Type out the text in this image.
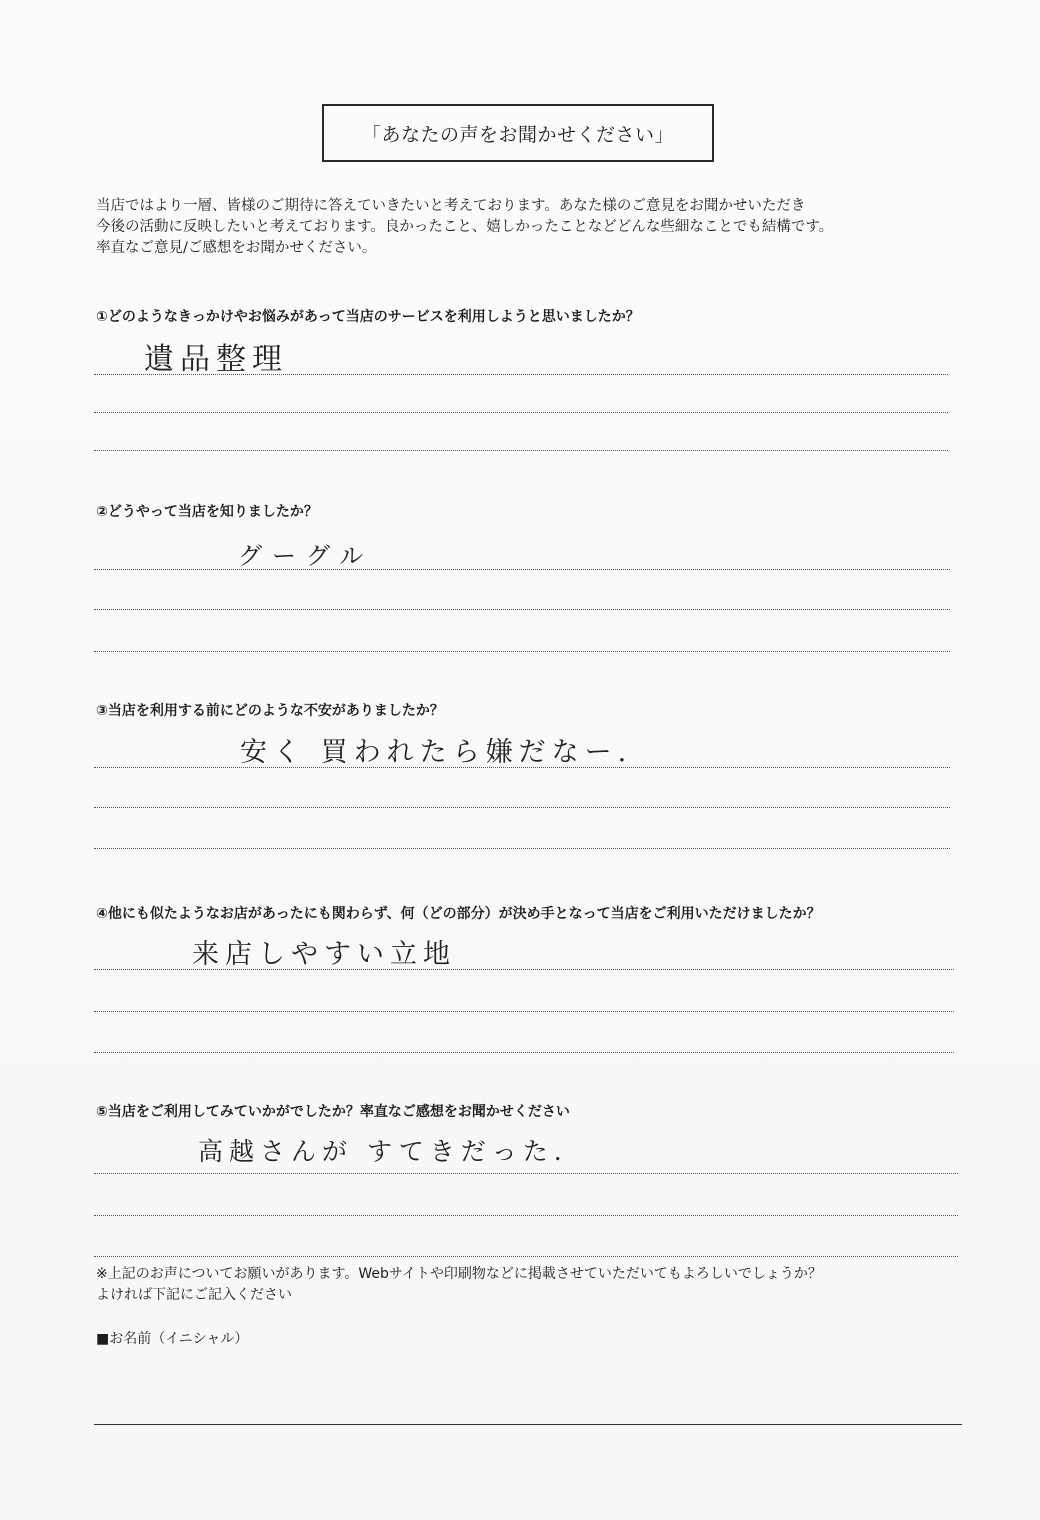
「あなたの声をお聞かせください」
当店ではより一層、皆様のご期待に答えていきたいと考えております。あなた様のご意見をお聞かせいただき
今後の活動に反映したいと考えております。良かったこと、嬉しかったことなどどんな些細なことでも結構です。
率直なご意見/ご感想をお聞かせください。
①どのようなきっかけやお悩みがあって当店のサービスを利用しようと思いましたか？
遺品整理
②どうやって当店を知りましたか？
グーグル
③当店を利用する前にどのような不安がありましたか？
安く 買われたら嫌だなー.
④他にも似たようなお店があったにも関わらず、何（どの部分）が決め手となって当店をご利用いただけましたか？
来店しやすい立地
⑤当店をご利用してみていかがでしたか？率直なご感想をお聞かせください
高越さんが すてきだった.
※上記のお声についてお願いがあります。Webサイトや印刷物などに掲載させていただいてもよろしいでしょうか？
よければ下記にご記入ください
■お名前（イニシャル）
